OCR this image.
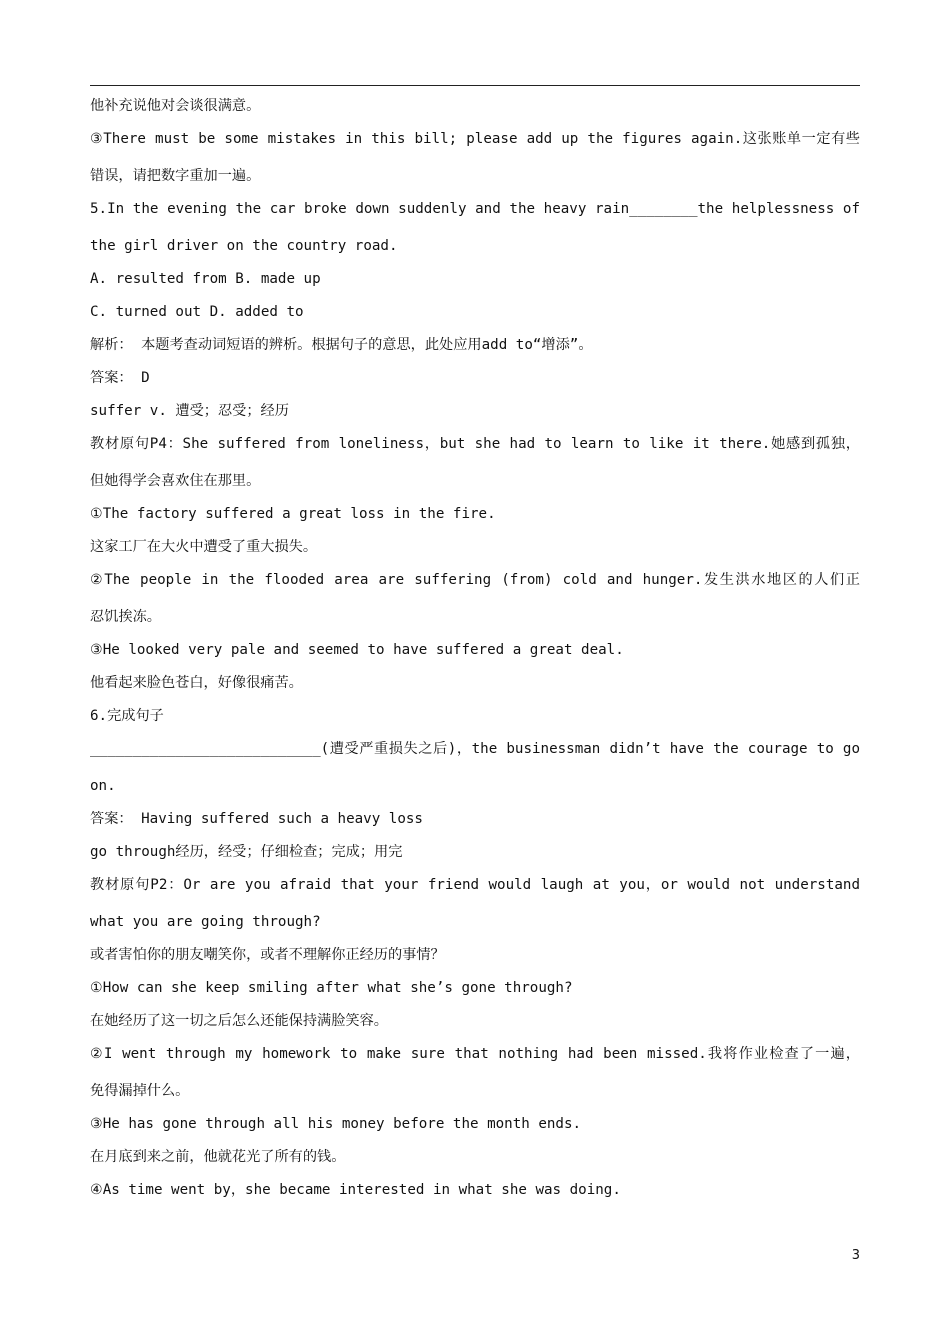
他补充说他对会谈很满意。
③There must be some mistakes in this bill; please add up the figures again.这张账单一定有些
错误，请把数字重加一遍。
5.In the evening the car broke down suddenly and the heavy rain________the helplessness of
the girl driver on the country road.
A. resulted from B. made up
C. turned out D. added to
解析： 本题考查动词短语的辨析。根据句子的意思，此处应用add to“增添”。
答案： D
suffer v. 遭受；忍受；经历
教材原句P4：She suffered from loneliness，but she had to learn to like it there.她感到孤独，
但她得学会喜欢住在那里。
①The factory suffered a great loss in the fire.
这家工厂在大火中遭受了重大损失。
②The people in the flooded area are suffering (from) cold and hunger.发生洪水地区的人们正
忍饥挨冻。
③He looked very pale and seemed to have suffered a great deal.
他看起来脸色苍白，好像很痛苦。
6.完成句子
___________________________(遭受严重损失之后)，the businessman didn’t have the courage to go
on.
答案： Having suffered such a heavy loss
go through经历，经受；仔细检查；完成；用完
教材原句P2：Or are you afraid that your friend would laugh at you，or would not understand
what you are going through?
或者害怕你的朋友嘲笑你，或者不理解你正经历的事情？
①How can she keep smiling after what she’s gone through?
在她经历了这一切之后怎么还能保持满脸笑容。
②I went through my homework to make sure that nothing had been missed.我将作业检查了一遍，
免得漏掉什么。
③He has gone through all his money before the month ends.
在月底到来之前，他就花光了所有的钱。
④As time went by，she became interested in what she was doing.
3
